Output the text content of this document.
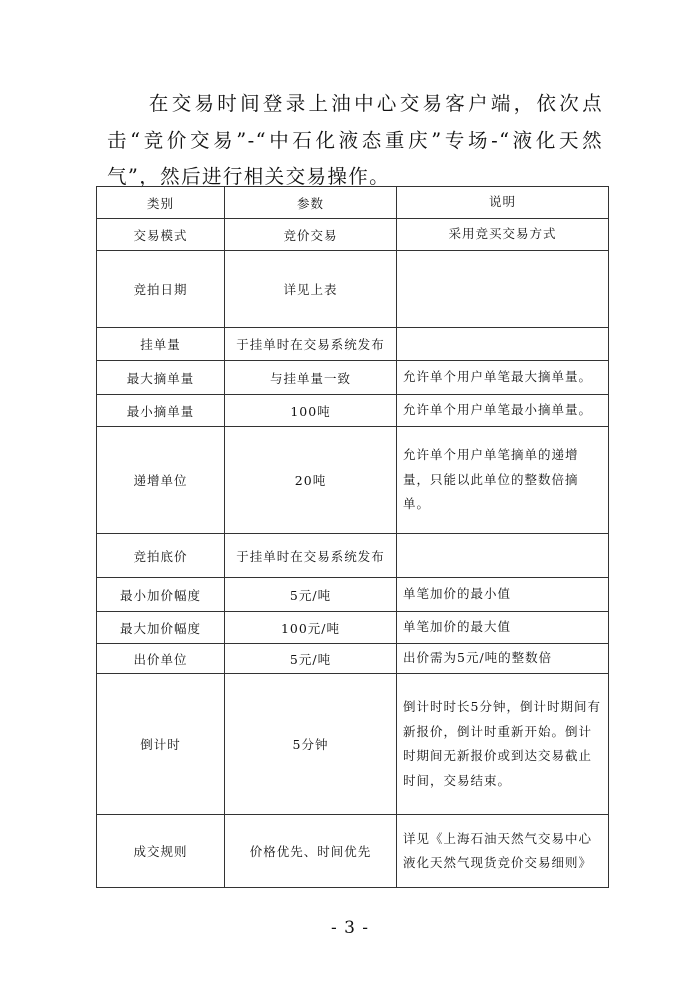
在交易时间登录上油中心交易客户端，依次点击“竞价交易”-“中石化液态重庆”专场-“液化天然气”，然后进行相关交易操作。

类别	参数	说明
交易模式	竞价交易	采用竞买交易方式
竞拍日期	详见上表	
挂单量	于挂单时在交易系统发布	
最大摘单量	与挂单量一致	允许单个用户单笔最大摘单量。
最小摘单量	100吨	允许单个用户单笔最小摘单量。
递增单位	20吨	允许单个用户单笔摘单的递增量，只能以此单位的整数倍摘单。
竞拍底价	于挂单时在交易系统发布	
最小加价幅度	5元/吨	单笔加价的最小值
最大加价幅度	100元/吨	单笔加价的最大值
出价单位	5元/吨	出价需为5元/吨的整数倍
倒计时	5分钟	倒计时时长5分钟，倒计时期间有新报价，倒计时重新开始。倒计时期间无新报价或到达交易截止时间，交易结束。
成交规则	价格优先、时间优先	详见《上海石油天然气交易中心液化天然气现货竞价交易细则》
- 3 -
